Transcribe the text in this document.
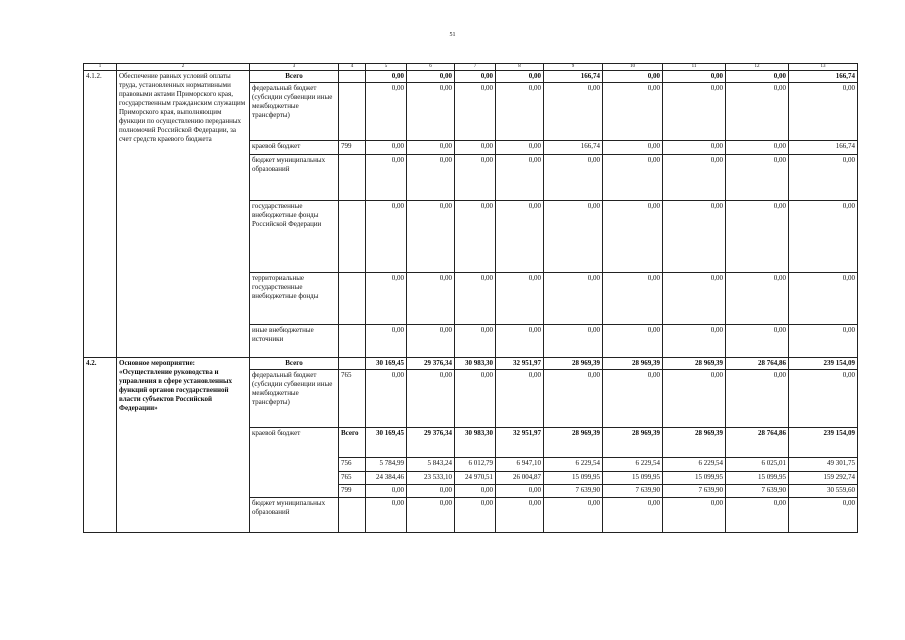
51
1	2	3	4	5	6	7	8	9	10	11	12	13
4.1.2.	Обеспечение равных условий оплаты труда, установленных нормативными правовыми актами Приморского края, государственным гражданским служащим Приморского края, выполняющим функции по осуществлению переданных полномочий Российской Федерации, за счет средств краевого бюджета	Всего		0,00	0,00	0,00	0,00	166,74	0,00	0,00	0,00	166,74
		федеральный бюджет (субсидии субвенции иные межбюджетные трансферты)		0,00	0,00	0,00	0,00	0,00	0,00	0,00	0,00	0,00
		краевой бюджет	799	0,00	0,00	0,00	0,00	166,74	0,00	0,00	0,00	166,74
		бюджет муниципальных образований		0,00	0,00	0,00	0,00	0,00	0,00	0,00	0,00	0,00
		государственные внебюджетные фонды Российской Федерации		0,00	0,00	0,00	0,00	0,00	0,00	0,00	0,00	0,00
		территориальные государственные внебюджетные фонды		0,00	0,00	0,00	0,00	0,00	0,00	0,00	0,00	0,00
		иные внебюджетные источники		0,00	0,00	0,00	0,00	0,00	0,00	0,00	0,00	0,00
4.2.	Основное мероприятие: «Осуществление руководства и управления в сфере установленных функций органов государственной власти субъектов Российской Федерации»	Всего		30 169,45	29 376,34	30 983,30	32 951,97	28 969,39	28 969,39	28 969,39	28 764,86	239 154,09
		федеральный бюджет (субсидии субвенции иные межбюджетные трансферты)	765	0,00	0,00	0,00	0,00	0,00	0,00	0,00	0,00	0,00
		краевой бюджет	Всего	30 169,45	29 376,34	30 983,30	32 951,97	28 969,39	28 969,39	28 969,39	28 764,86	239 154,09
			756	5 784,99	5 843,24	6 012,79	6 947,10	6 229,54	6 229,54	6 229,54	6 025,01	49 301,75
			765	24 384,46	23 533,10	24 970,51	26 004,87	15 099,95	15 099,95	15 099,95	15 099,95	159 292,74
			799	0,00	0,00	0,00	0,00	7 639,90	7 639,90	7 639,90	7 639,90	30 559,60
		бюджет муниципальных образований		0,00	0,00	0,00	0,00	0,00	0,00	0,00	0,00	0,00
